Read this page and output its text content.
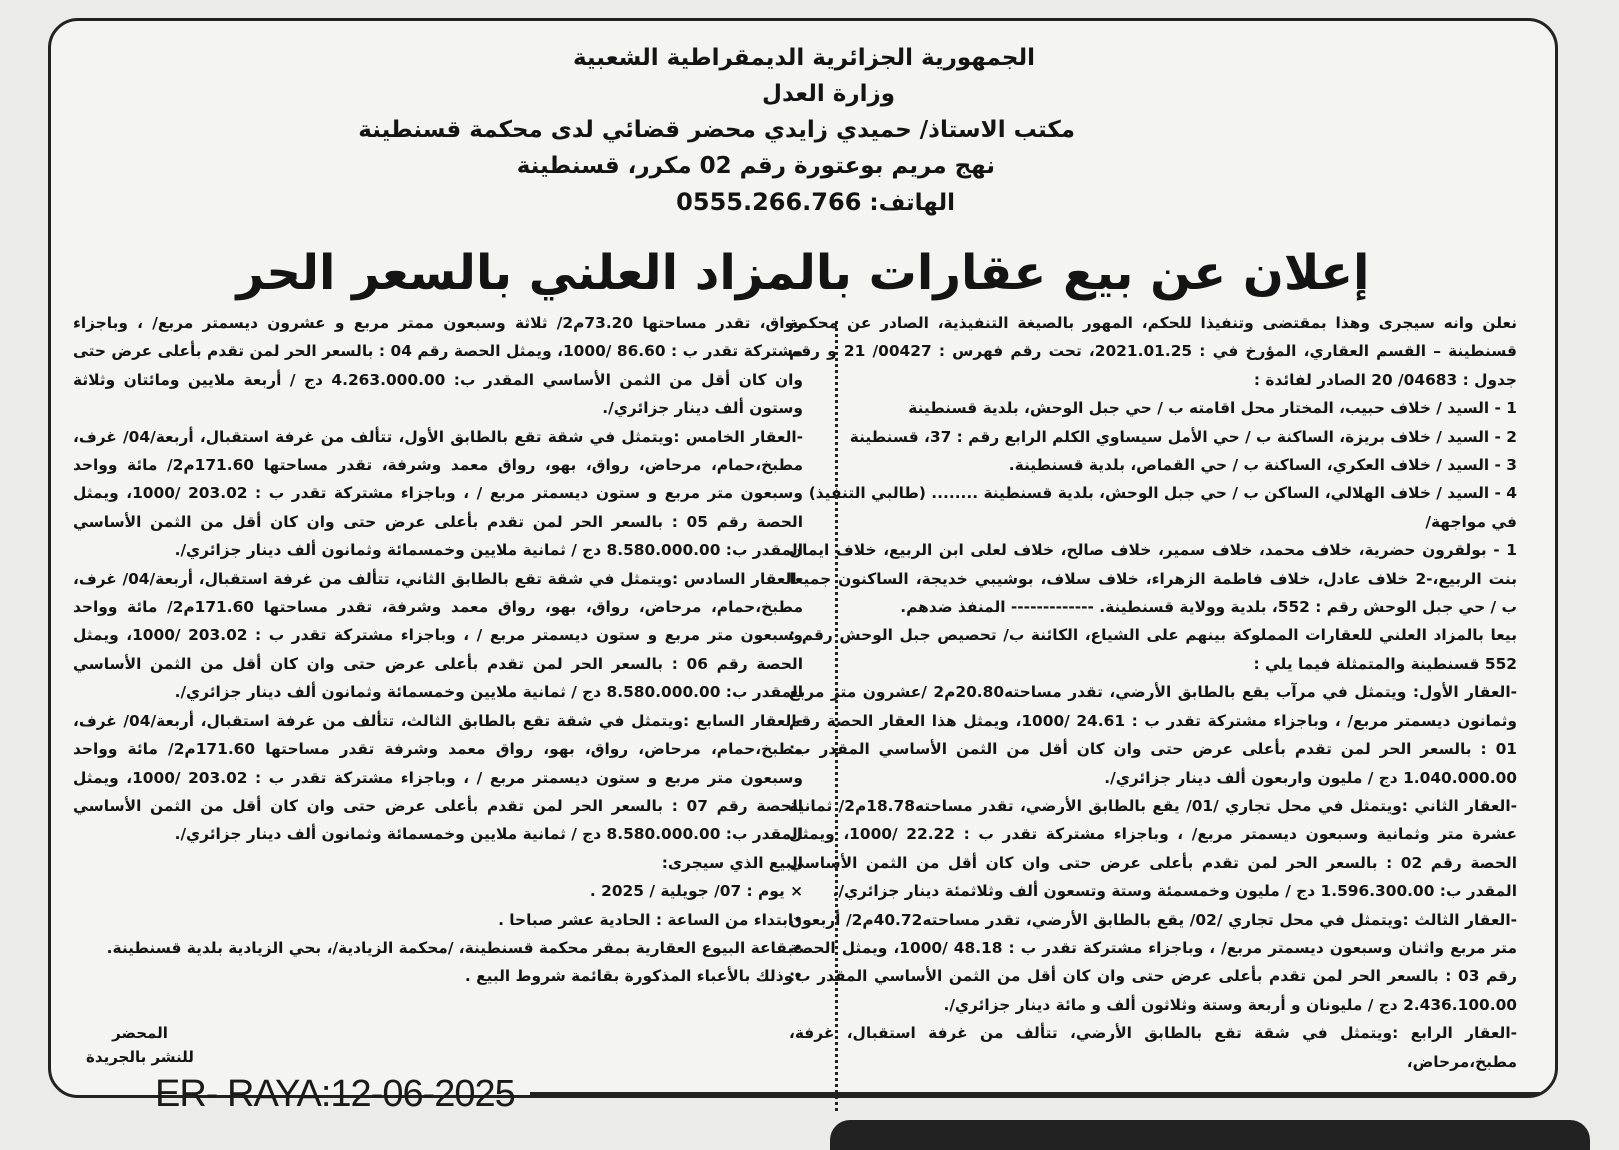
الجمهورية الجزائرية الديمقراطية الشعبية
وزارة العدل
مكتب الاستاذ/ حميدي زايدي محضر قضائي لدى محكمة قسنطينة
نهج مريم بوعتورة رقم 02 مكرر، قسنطينة
الهاتف: 0555.266.766
إعلان عن بيع عقارات بالمزاد العلني بالسعر الحر

نعلن وانه سيجرى وهذا بمقتضى وتنفيذا للحكم، المهور بالصيغة التنفيذية، الصادر عن محكمة قسنطينة – القسم العقاري، المؤرخ في : 2021.01.25، تحت رقم فهرس : 00427/ 21 و رقم جدول : 04683/ 20 الصادر لفائدة :

1 - السيد / خلاف حبيب، المختار محل اقامته ب / حي جبل الوحش، بلدية قسنطينة

2 - السيد / خلاف بريزة، الساكنة ب / حي الأمل سيساوي الكلم الرابع رقم : 37، قسنطينة

3 - السيد / خلاف العكري، الساكنة ب / حي القماص، بلدية قسنطينة.

4 - السيد / خلاف الهلالي، الساكن ب / حي جبل الوحش، بلدية قسنطينة ........ (طالبي التنفيذ)

في مواجهة/

1 - بولقرون حضرية، خلاف محمد، خلاف سمير، خلاف صالح، خلاف لعلى ابن الربيع، خلاف ايمان بنت الربيع،-2 خلاف عادل، خلاف فاطمة الزهراء، خلاف سلاف، بوشيبي خديجة، الساكنون جميعا ب / حي جبل الوحش رقم : 552، بلدية وولاية قسنطينة. ------------- المنفذ ضدهم.

بيعا بالمزاد العلني للعقارات المملوكة بينهم على الشياع، الكائنة ب/ تحصيص جبل الوحش رقم : 552 قسنطينة والمتمثلة فيما يلي :

-العقار الأول: ويتمثل في مرآب يقع بالطابق الأرضي، تقدر مساحته20.80م2 /عشرون متر مربع وثمانون ديسمتر مربع/ ، وباجزاء مشتركة تقدر ب : 24.61 /1000، ويمثل هذا العقار الحصة رقم 01 : بالسعر الحر لمن تقدم بأعلى عرض حتى وان كان أقل من الثمن الأساسي المقدر ب: 1.040.000.00 دج / مليون واربعون ألف دينار جزائري/.

-العقار الثاني :ويتمثل في محل تجاري /01/ يقع بالطابق الأرضي، تقدر مساحته18.78م2/ ثمانية عشرة متر وثمانية وسبعون ديسمتر مربع/ ، وباجزاء مشتركة تقدر ب : 22.22 /1000، ويمثل الحصة رقم 02 : بالسعر الحر لمن تقدم بأعلى عرض حتى وان كان أقل من الثمن الأساسي المقدر ب: 1.596.300.00 دج / مليون وخمسمئة وستة وتسعون ألف وثلاثمئة دينار جزائري/.

-العقار الثالث :ويتمثل في محل تجاري /02/ يقع بالطابق الأرضي، تقدر مساحته40.72م2/ أربعون متر مربع واثنان وسبعون ديسمتر مربع/ ، وباجزاء مشتركة تقدر ب : 48.18 /1000، ويمثل الحصة رقم 03 : بالسعر الحر لمن تقدم بأعلى عرض حتى وان كان أقل من الثمن الأساسي المقدر ب: 2.436.100.00 دج / مليونان و أربعة وستة وثلاثون ألف و مائة دينار جزائري/.

-العقار الرابع :ويتمثل في شقة تقع بالطابق الأرضي، تتألف من غرفة استقبال، غرفة، مطبخ،مرحاض،

رواق، تقدر مساحتها 73.20م2/ ثلاثة وسبعون ممتر مربع و عشرون ديسمتر مربع/ ، وباجزاء مشتركة تقدر ب : 86.60 /1000، ويمثل الحصة رقم 04 : بالسعر الحر لمن تقدم بأعلى عرض حتى وان كان أقل من الثمن الأساسي المقدر ب: 4.263.000.00 دج / أربعة ملايين ومائتان وثلاثة وستون ألف دينار جزائري/.

-العقار الخامس :ويتمثل في شقة تقع بالطابق الأول، تتألف من غرفة استقبال، أربعة/04/ غرف، مطبخ،حمام، مرحاض، رواق، بهو، رواق معمد وشرفة، تقدر مساحتها 171.60م2/ مائة وواحد وسبعون متر مربع و ستون ديسمتر مربع / ، وباجزاء مشتركة تقدر ب : 203.02 /1000، ويمثل الحصة رقم 05 : بالسعر الحر لمن تقدم بأعلى عرض حتى وان كان أقل من الثمن الأساسي المقدر ب: 8.580.000.00 دج / ثمانية ملايين وخمسمائة وثمانون ألف دينار جزائري/.

-العقار السادس :ويتمثل في شقة تقع بالطابق الثاني، تتألف من غرفة استقبال، أربعة/04/ غرف، مطبخ،حمام، مرحاض، رواق، بهو، رواق معمد وشرفة، تقدر مساحتها 171.60م2/ مائة وواحد وسبعون متر مربع و ستون ديسمتر مربع / ، وباجزاء مشتركة تقدر ب : 203.02 /1000، ويمثل الحصة رقم 06 : بالسعر الحر لمن تقدم بأعلى عرض حتى وان كان أقل من الثمن الأساسي المقدر ب: 8.580.000.00 دج / ثمانية ملايين وخمسمائة وثمانون ألف دينار جزائري/.

-العقار السابع :ويتمثل في شقة تقع بالطابق الثالث، تتألف من غرفة استقبال، أربعة/04/ غرف، مطبخ،حمام، مرحاض، رواق، بهو، رواق معمد وشرفة تقدر مساحتها 171.60م2/ مائة وواحد وسبعون متر مربع و ستون ديسمتر مربع / ، وباجزاء مشتركة تقدر ب : 203.02 /1000، ويمثل الحصة رقم 07 : بالسعر الحر لمن تقدم بأعلى عرض حتى وان كان أقل من الثمن الأساسي المقدر ب: 8.580.000.00 دج / ثمانية ملايين وخمسمائة وثمانون ألف دينار جزائري/.

البيع الذي سيجرى:

× يوم : 07/ جويلية / 2025 .

•ابتداء من الساعة : الحادية عشر صباحا .

•بقاعة البيوع العقارية بمقر محكمة قسنطينة، /محكمة الزيادية/، بحي الزيادية بلدية قسنطينة.

•وذلك بالأعباء المذكورة بقائمة شروط البيع .

المحضر
للنشر بالجريدة
ER- RAYA:12-06-2025
